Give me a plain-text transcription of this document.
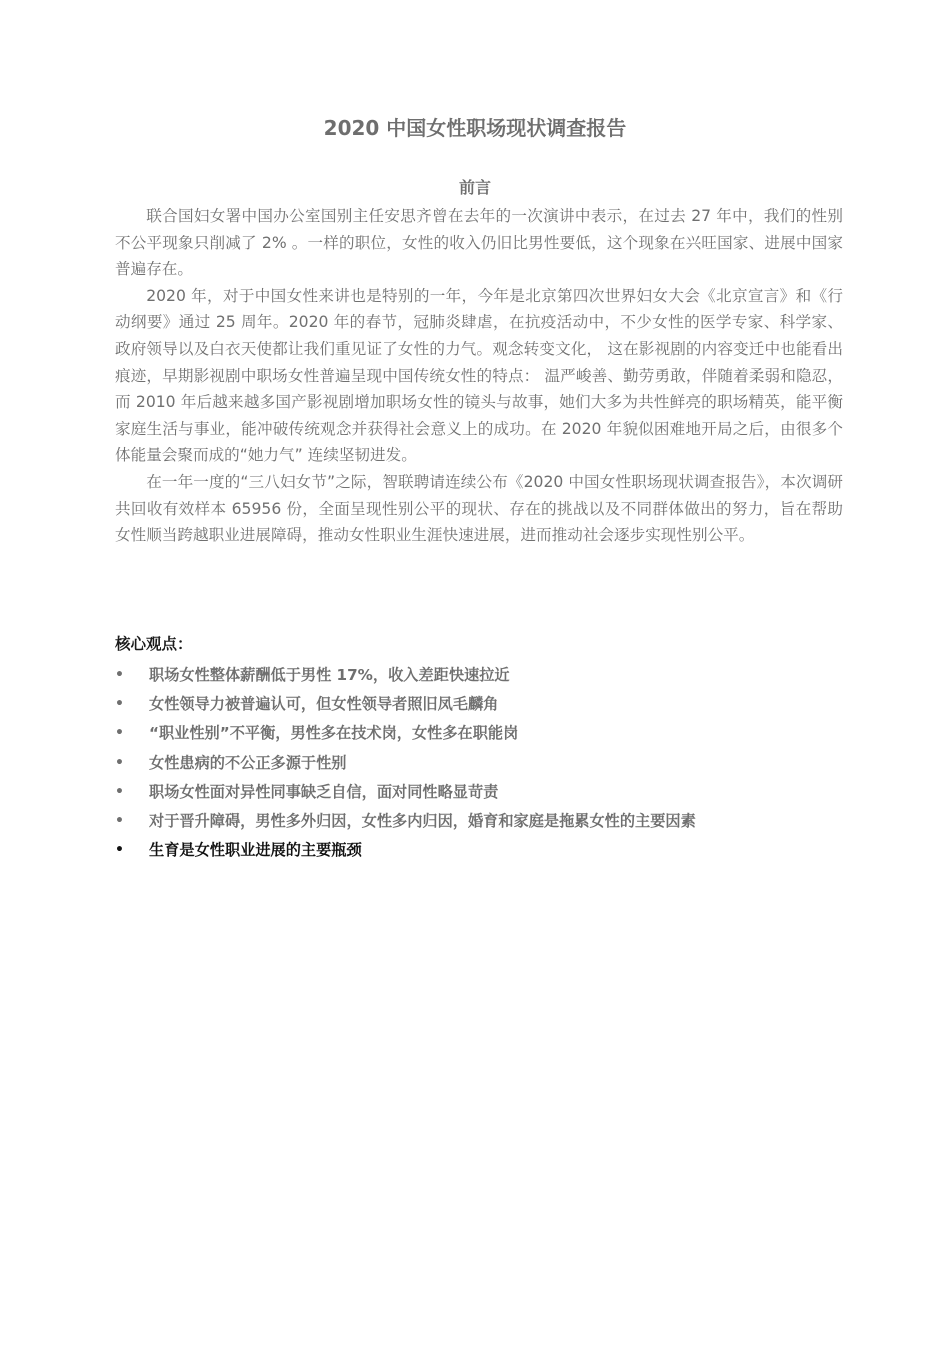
2020 中国女性职场现状调查报告
前言

联合国妇女署中国办公室国别主任安思齐曾在去年的一次演讲中表示，在过去 27 年中，我们的性别不公平现象只削减了 2% 。一样的职位，女性的收入仍旧比男性要低，这个现象在兴旺国家、进展中国家普遍存在。

2020 年，对于中国女性来讲也是特别的一年，今年是北京第四次世界妇女大会《北京宣言》和《行动纲要》通过 25 周年。2020 年的春节，冠肺炎肆虐，在抗疫活动中，不少女性的医学专家、科学家、政府领导以及白衣天使都让我们重见证了女性的力气。观念转变文化， 这在影视剧的内容变迁中也能看出痕迹，早期影视剧中职场女性普遍呈现中国传统女性的特点： 温严峻善、勤劳勇敢，伴随着柔弱和隐忍，而 2010 年后越来越多国产影视剧增加职场女性的镜头与故事，她们大多为共性鲜亮的职场精英，能平衡家庭生活与事业，能冲破传统观念并获得社会意义上的成功。在 2020 年貌似困难地开局之后，由很多个体能量会聚而成的“她力气” 连续坚韧进发。

在一年一度的“三八妇女节”之际，智联聘请连续公布《2020 中国女性职场现状调查报告》，本次调研共回收有效样本 65956 份，全面呈现性别公平的现状、存在的挑战以及不同群体做出的努力，旨在帮助女性顺当跨越职业进展障碍，推动女性职业生涯快速进展，进而推动社会逐步实现性别公平。

核心观点：
•	职场女性整体薪酬低于男性 17%，收入差距快速拉近
•	女性领导力被普遍认可，但女性领导者照旧凤毛麟角
•	“职业性别”不平衡，男性多在技术岗，女性多在职能岗
•	女性患病的不公正多源于性别
•	职场女性面对异性同事缺乏自信，面对同性略显苛责
•	对于晋升障碍，男性多外归因，女性多内归因，婚育和家庭是拖累女性的主要因素
•	生育是女性职业进展的主要瓶颈
